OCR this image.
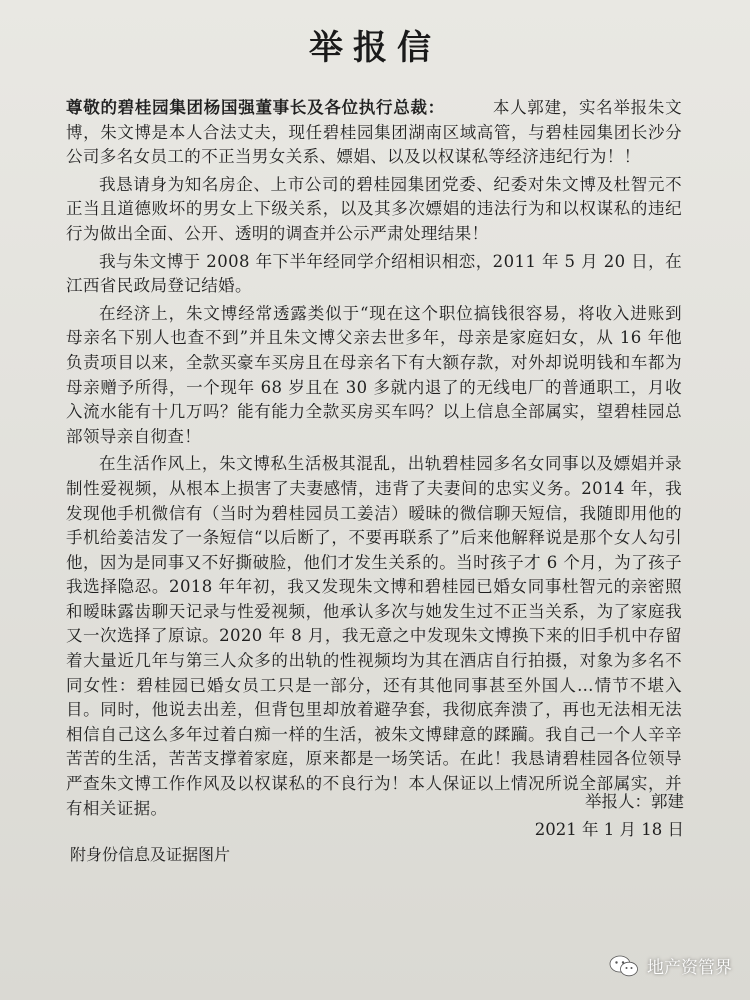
举报信

尊敬的碧桂园集团杨国强董事长及各位执行总裁：	本人郭建，实名举报朱文博，朱文博是本人合法丈夫，现任碧桂园集团湖南区域高管，与碧桂园集团长沙分公司多名女员工的不正当男女关系、嫖娼、以及以权谋私等经济违纪行为！！

我恳请身为知名房企、上市公司的碧桂园集团党委、纪委对朱文博及杜智元不正当且道德败坏的男女上下级关系，以及其多次嫖娼的违法行为和以权谋私的违纪行为做出全面、公开、透明的调查并公示严肃处理结果！

我与朱文博于 2008 年下半年经同学介绍相识相恋，2011 年 5 月 20 日，在江西省民政局登记结婚。

在经济上，朱文博经常透露类似于“现在这个职位搞钱很容易，将收入进账到母亲名下别人也查不到”并且朱文博父亲去世多年，母亲是家庭妇女，从 16 年他负责项目以来，全款买豪车买房且在母亲名下有大额存款，对外却说明钱和车都为母亲赠予所得，一个现年 68 岁且在 30 多就内退了的无线电厂的普通职工，月收入流水能有十几万吗？能有能力全款买房买车吗？以上信息全部属实，望碧桂园总部领导亲自彻查！

在生活作风上，朱文博私生活极其混乱，出轨碧桂园多名女同事以及嫖娼并录制性爱视频，从根本上损害了夫妻感情，违背了夫妻间的忠实义务。2014 年，我发现他手机微信有（当时为碧桂园员工姜洁）暧昧的微信聊天短信，我随即用他的手机给姜洁发了一条短信“以后断了，不要再联系了”后来他解释说是那个女人勾引他，因为是同事又不好撕破脸，他们才发生关系的。当时孩子才 6 个月，为了孩子我选择隐忍。2018 年年初，我又发现朱文博和碧桂园已婚女同事杜智元的亲密照和暧昧露齿聊天记录与性爱视频，他承认多次与她发生过不正当关系，为了家庭我又一次选择了原谅。2020 年 8 月，我无意之中发现朱文博换下来的旧手机中存留着大量近几年与第三人众多的出轨的性视频均为其在酒店自行拍摄，对象为多名不同女性：碧桂园已婚女员工只是一部分，还有其他同事甚至外国人…情节不堪入目。同时，他说去出差，但背包里却放着避孕套，我彻底奔溃了，再也无法相无法相信自己这么多年过着白痴一样的生活，被朱文博肆意的蹂躏。我自己一个人辛辛苦苦的生活，苦苦支撑着家庭，原来都是一场笑话。在此！我恳请碧桂园各位领导严查朱文博工作作风及以权谋私的不良行为！本人保证以上情况所说全部属实，并有相关证据。	举报人：郭建
2021 年 1 月 18 日
附身份信息及证据图片
地产资管界
